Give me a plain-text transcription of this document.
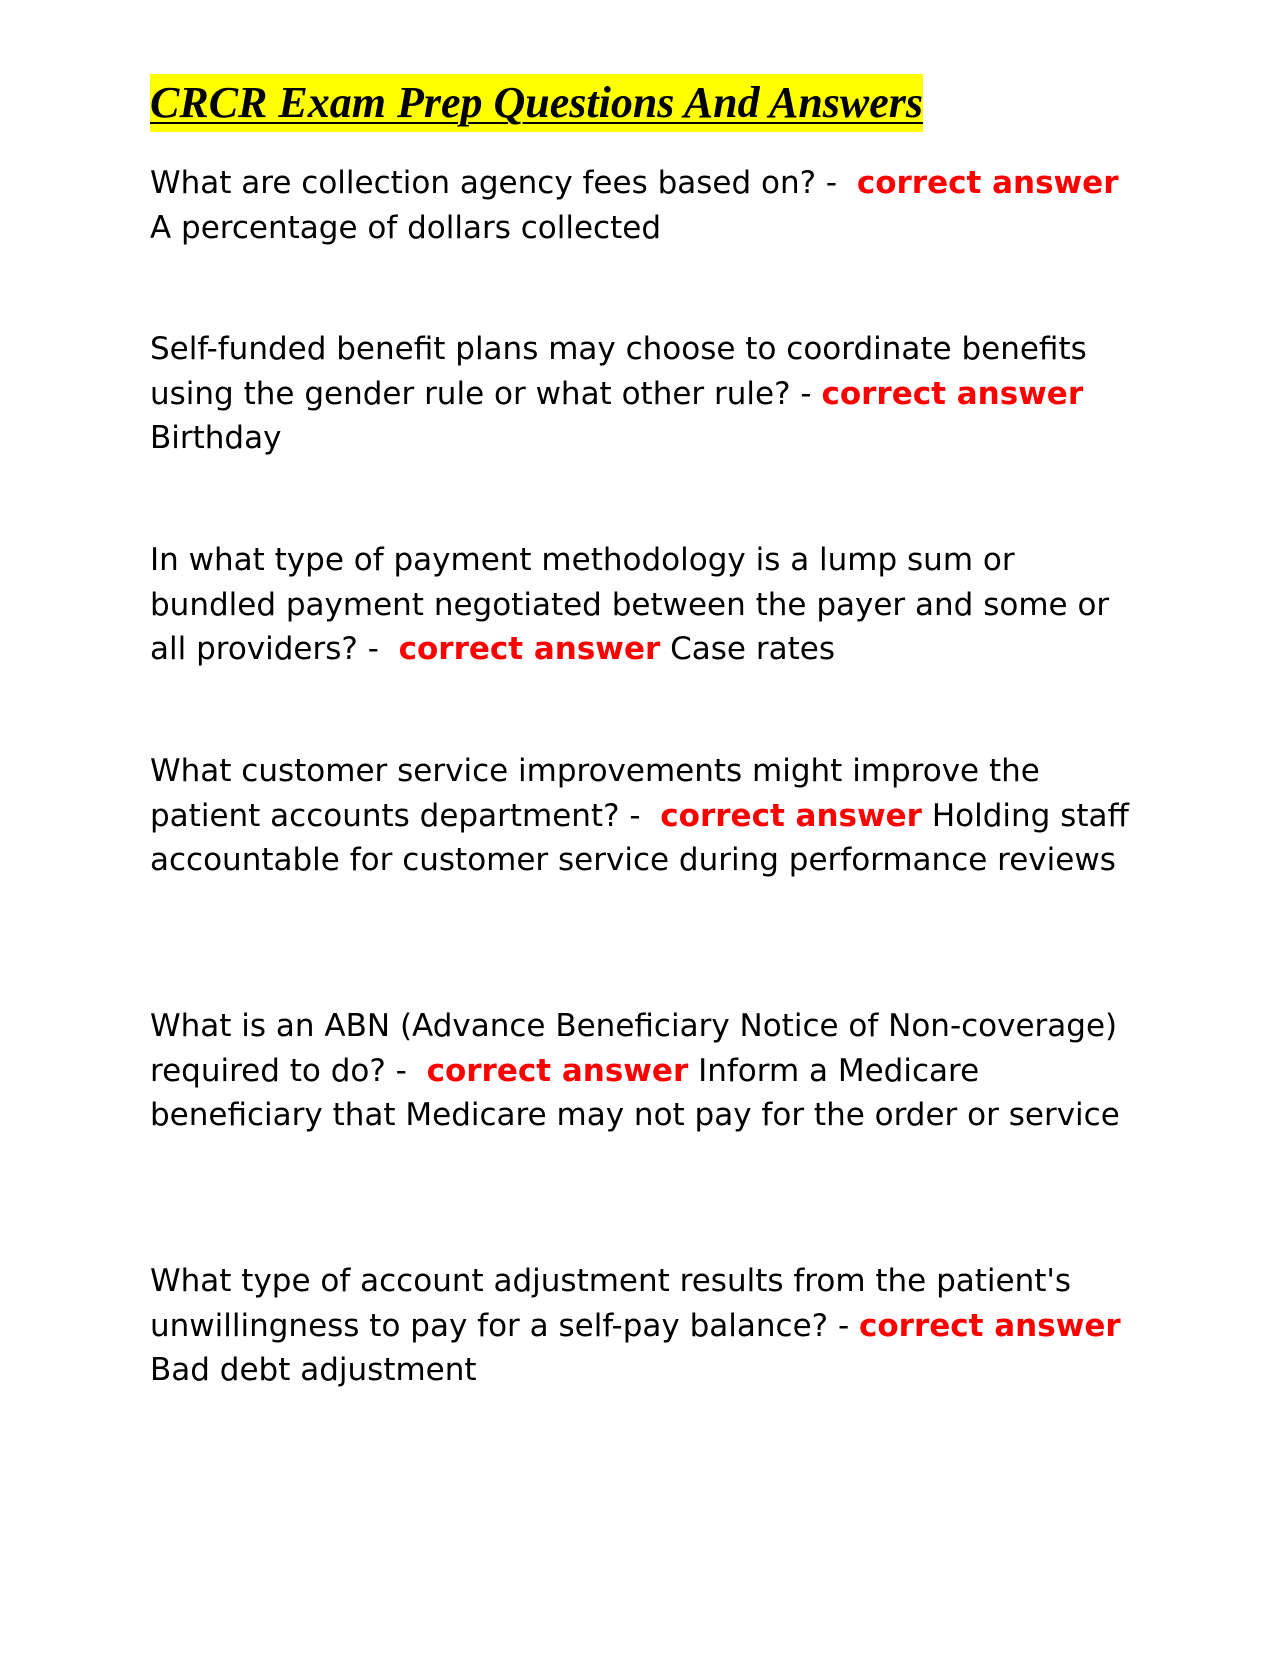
CRCR Exam Prep Questions And Answers

What are collection agency fees based on? - correct answer A percentage of dollars collected

Self-funded benefit plans may choose to coordinate benefits using the gender rule or what other rule? - correct answer Birthday

In what type of payment methodology is a lump sum or bundled payment negotiated between the payer and some or all providers? - correct answer Case rates

What customer service improvements might improve the patient accounts department? - correct answer Holding staff accountable for customer service during performance reviews

What is an ABN (Advance Beneficiary Notice of Non-coverage) required to do? - correct answer Inform a Medicare beneficiary that Medicare may not pay for the order or service

What type of account adjustment results from the patient's unwillingness to pay for a self-pay balance? - correct answer Bad debt adjustment
